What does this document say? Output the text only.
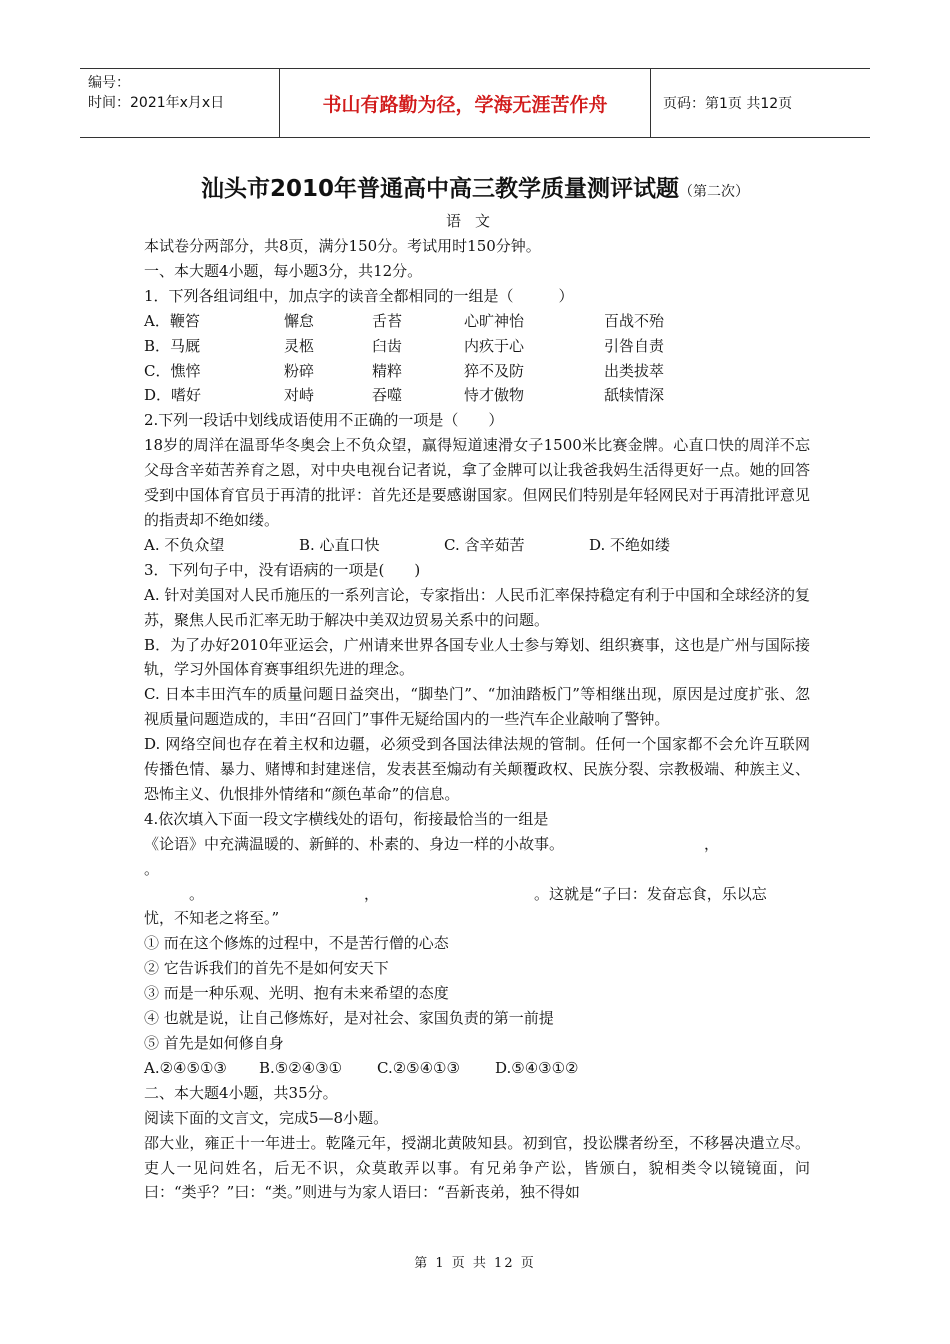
编号：
时间：2021年x月x日	书山有路勤为径，学海无涯苦作舟	页码：第1页 共12页
汕头市2010年普通高中高三教学质量测评试题（第二次）
语文
本试卷分两部分，共8页，满分150分。考试用时150分钟。
一、本大题4小题，每小题3分，共12分。
1．下列各组词组中，加点字的读音全都相同的一组是（　　　）
A．鞭笞	懈怠	舌苔	心旷神怡	百战不殆
B．马厩	灵柩	臼齿	内疚于心	引咎自责
C．憔悴	粉碎	精粹	猝不及防	出类拔萃
D．嗜好	对峙	吞噬	恃才傲物	舐犊情深
2.下列一段话中划线成语使用不正确的一项是（　　）
18岁的周洋在温哥华冬奥会上不负众望，赢得短道速滑女子1500米比赛金牌。心直口快的周洋不忘父母含辛茹苦养育之恩，对中央电视台记者说，拿了金牌可以让我爸我妈生活得更好一点。她的回答受到中国体育官员于再清的批评：首先还是要感谢国家。但网民们特别是年轻网民对于再清批评意见的指责却不绝如缕。
A. 不负众望	B. 心直口快	C. 含辛茹苦	D. 不绝如缕
3．下列句子中，没有语病的一项是(　　)
A. 针对美国对人民币施压的一系列言论，专家指出：人民币汇率保持稳定有利于中国和全球经济的复苏，聚焦人民币汇率无助于解决中美双边贸易关系中的问题。
B．为了办好2010年亚运会，广州请来世界各国专业人士参与筹划、组织赛事，这也是广州与国际接轨，学习外国体育赛事组织先进的理念。
C. 日本丰田汽车的质量问题日益突出，“脚垫门”、“加油踏板门”等相继出现，原因是过度扩张、忽视质量问题造成的，丰田“召回门”事件无疑给国内的一些汽车企业敲响了警钟。
D. 网络空间也存在着主权和边疆，必须受到各国法律法规的管制。任何一个国家都不会允许互联网传播色情、暴力、赌博和封建迷信，发表甚至煽动有关颠覆政权、民族分裂、宗教极端、种族主义、恐怖主义、仇恨排外情绪和“颜色革命”的信息。
4.依次填入下面一段文字横线处的语句，衔接最恰当的一组是
《论语》中充满温暖的、新鲜的、朴素的、身边一样的小故事。	，
。
。	，	。这就是“子曰：发奋忘食，乐以忘
忧，不知老之将至。”
① 而在这个修炼的过程中，不是苦行僧的心态
② 它告诉我们的首先不是如何安天下
③ 而是一种乐观、光明、抱有未来希望的态度
④ 也就是说，让自己修炼好，是对社会、家国负责的第一前提
⑤ 首先是如何修自身
A.②④⑤①③	B.⑤②④③①	C.②⑤④①③	D.⑤④③①②
二、本大题4小题，共35分。
阅读下面的文言文，完成5—8小题。
邵大业，雍正十一年进士。乾隆元年，授湖北黄陂知县。初到官，投讼牒者纷至，不移晷决遣立尽。吏人一见问姓名，后无不识，众莫敢弄以事。有兄弟争产讼，皆颁白，貌相类令以镜镜面，问曰：“类乎？”曰：“类。”则进与为家人语曰：“吾新丧弟，独不得如
第 1 页 共 12 页
